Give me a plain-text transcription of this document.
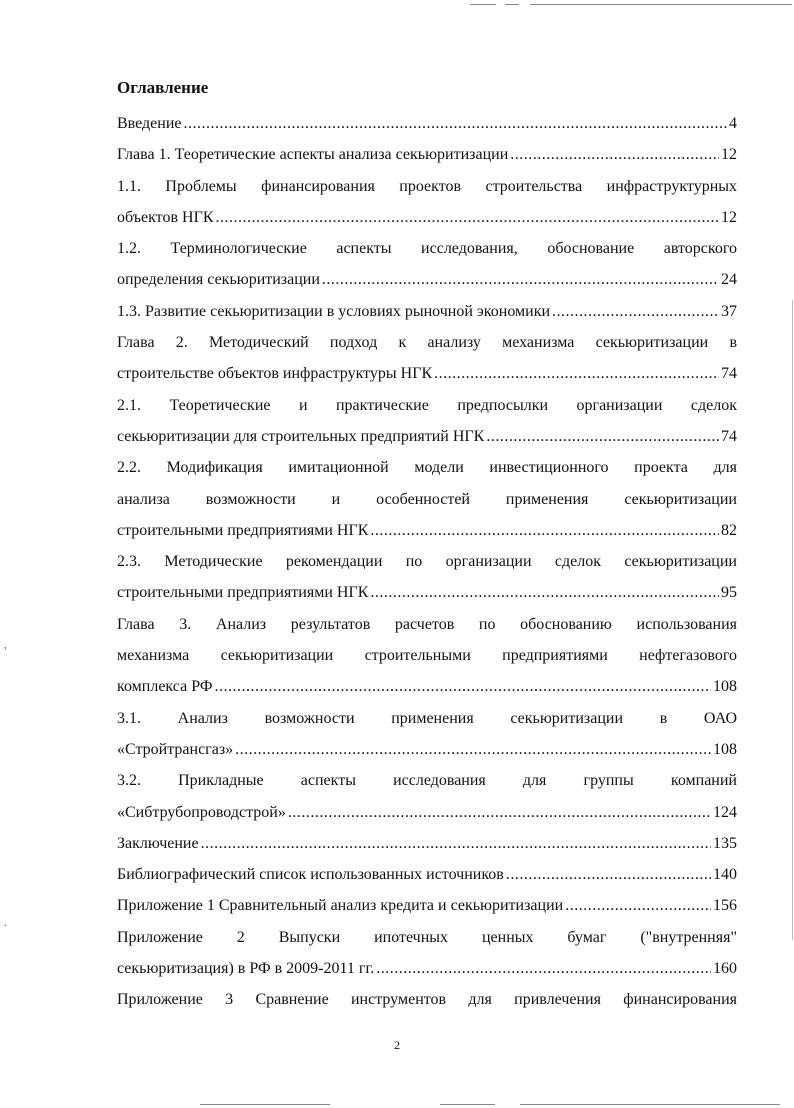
,
.
Оглавление
Введение .....	4
Глава 1. Теоретические аспекты анализа секьюритизации .....	12
1.1. Проблемы финансирования проектов строительства инфраструктурных
объектов НГК .....	12
1.2. Терминологические аспекты исследования, обоснование авторского
определения секьюритизации .....	24
1.3. Развитие секьюритизации в условиях рыночной экономики .....	37
Глава 2. Методический подход к анализу механизма секьюритизации в
строительстве объектов инфраструктуры НГК .....	74
2.1. Теоретические и практические предпосылки организации сделок
секьюритизации для строительных предприятий НГК .....	74
2.2. Модификация имитационной модели инвестиционного проекта для
анализа возможности и особенностей применения секьюритизации
строительными предприятиями НГК .....	82
2.3. Методические рекомендации по организации сделок секьюритизации
строительными предприятиями НГК .....	95
Глава 3. Анализ результатов расчетов по обоснованию использования
механизма секьюритизации строительными предприятиями нефтегазового
комплекса РФ .....	108
3.1. Анализ возможности применения секьюритизации в ОАО
«Стройтрансгаз» .....	108
3.2. Прикладные аспекты исследования для группы компаний
«Сибтрубопроводстрой» .....	124
Заключение .....	135
Библиографический список использованных источников .....	140
Приложение 1 Сравнительный анализ кредита и секьюритизации .....	156
Приложение 2 Выпуски ипотечных ценных бумаг ("внутренняя"
секьюритизация) в РФ в 2009-2011 гг. .....	160
Приложение 3 Сравнение инструментов для привлечения финансирования
2
